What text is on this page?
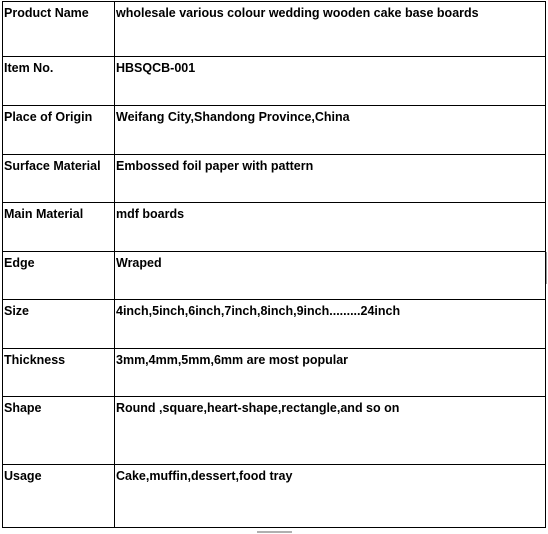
Product Name	wholesale various colour wedding wooden cake base boards
Item No.	HBSQCB-001
Place of Origin	Weifang City,Shandong Province,China
Surface Material	Embossed foil paper with pattern
Main Material	mdf boards
Edge	Wraped
Size	4inch,5inch,6inch,7inch,8inch,9inch.........24inch
Thickness	3mm,4mm,5mm,6mm are most popular
Shape	Round ,square,heart-shape,rectangle,and so on
Usage	Cake,muffin,dessert,food tray
